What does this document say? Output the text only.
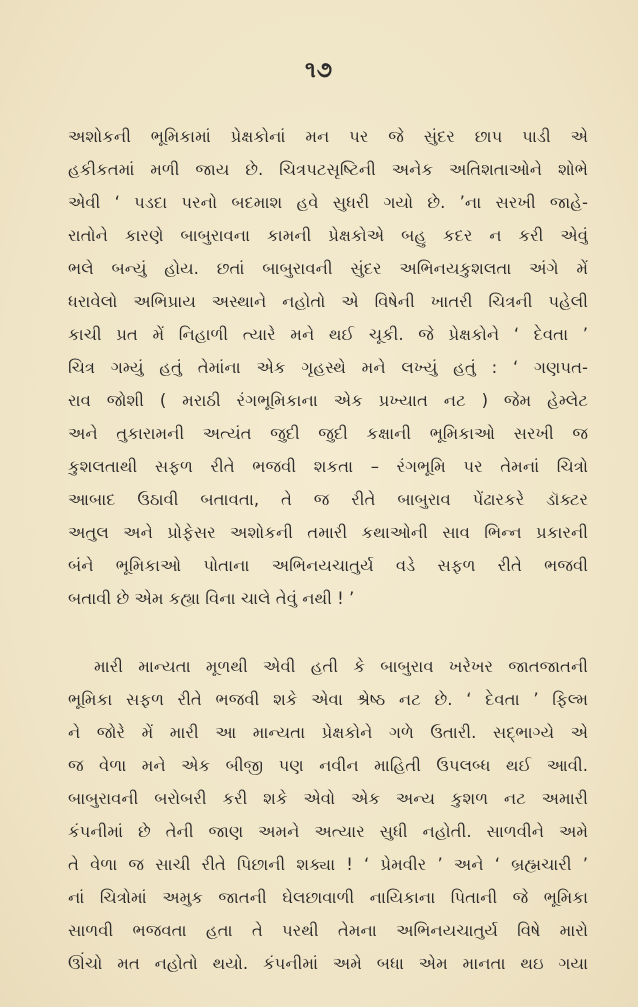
૧૭

અશોકની ભૂમિકામાં પ્રેક્ષકોનાં મન પર જે સુંદર છાપ પાડી એ
હકીકતમાં મળી જાય છે. ચિત્રપટસૃષ્ટિની અનેક અતિશતાઓને શોભે
એવી ‘ પડદા પરનો બદમાશ હવે સુધરી ગયો છે. ’ના સરખી જાહે-
રાતોને કારણે બાબુરાવના કામની પ્રેક્ષકોએ બહુ કદર ન કરી એવું
ભલે બન્યું હોય. છતાં બાબુરાવની સુંદર અભિનયકુશલતા અંગે મેં
ધરાવેલો અભિપ્રાય અસ્થાને નહોતો એ વિષેની ખાતરી ચિત્રની પહેલી
કાચી પ્રત મેં નિહાળી ત્યારે મને થઈ ચૂકી. જે પ્રેક્ષકોને ‘ દેવતા ’
ચિત્ર ગમ્યું હતું તેમાંના એક ગૃહસ્થે મને લખ્યું હતું : ‘ ગણપત-
રાવ જોશી ( મરાઠી રંગભૂમિકાના એક પ્રખ્યાત નટ ) જેમ હેમ્લેટ
અને તુકારામની અત્યંત જુદી જુદી કક્ષાની ભૂમિકાઓ સરખી જ
કુશલતાથી સફળ રીતે ભજવી શકતા – રંગભૂમિ પર તેમનાં ચિત્રો
આબાદ ઉઠાવી બતાવતા, તે જ રીતે બાબુરાવ પેંઢારકરે ડૉક્ટર
અતુલ અને પ્રોફેસર અશોકની તમારી કથાઓની સાવ ભિન્ન પ્રકારની
બંને ભૂમિકાઓ પોતાના અભિનયચાતુર્ય વડે સફળ રીતે ભજવી
બતાવી છે એમ કહ્યા વિના ચાલે તેવું નથી ! ’

મારી માન્યતા મૂળથી એવી હતી કે બાબુરાવ ખરેખર જાતજાતની
ભૂમિકા સફળ રીતે ભજવી શકે એવા શ્રેષ્ઠ નટ છે. ‘ દેવતા ’ ફિલ્મ
ને જોરે મેં મારી આ માન્યતા પ્રેક્ષકોને ગળે ઉતારી. સદ્ભાગ્યે એ
જ વેળા મને એક બીજી પણ નવીન માહિતી ઉપલબ્ધ થઈ આવી.
બાબુરાવની બરોબરી કરી શકે એવો એક અન્ય કુશળ નટ અમારી
કંપનીમાં છે તેની જાણ અમને અત્યાર સુધી નહોતી. સાળવીને અમે
તે વેળા જ સાચી રીતે પિછાની શક્યા ! ‘ પ્રેમવીર ’ અને ‘ બ્રહ્મચારી ’
નાં ચિત્રોમાં અમુક જાતની ઘેલછાવાળી નાયિકાના પિતાની જે ભૂમિકા
સાળવી ભજવતા હતા તે પરથી તેમના અભિનયચાતુર્ય વિષે મારો
ઊંચો મત નહોતો થયો. કંપનીમાં અમે બધા એમ માનતા થઇ ગયા
